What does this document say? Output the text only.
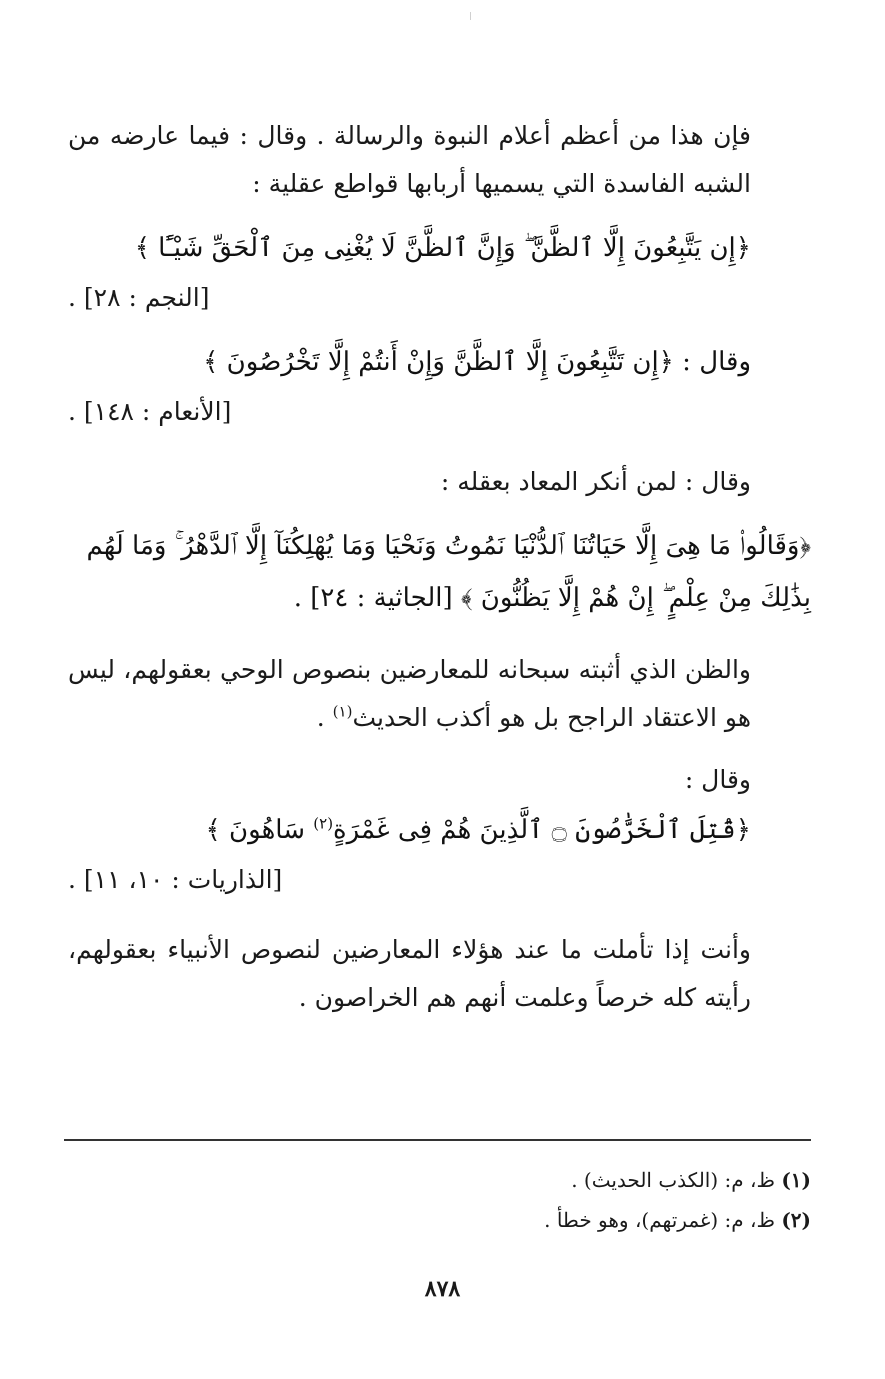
فإن هذا من أعظم أعلام النبوة والرسالة . وقال : فيما عارضه من الشبه الفاسدة التي يسميها أربابها قواطع عقلية :

﴿إِن يَتَّبِعُونَ إِلَّا ٱلظَّنَّ ۖ وَإِنَّ ٱلظَّنَّ لَا يُغْنِى مِنَ ٱلْحَقِّ شَيْـًٔا ﴾

[النجم : ٢٨] .

وقال : ﴿إِن تَتَّبِعُونَ إِلَّا ٱلظَّنَّ وَإِنْ أَنتُمْ إِلَّا تَخْرُصُونَ ﴾

[الأنعام : ١٤٨] .

وقال : لمن أنكر المعاد بعقله :

﴿وَقَالُوا۟ مَا هِىَ إِلَّا حَيَاتُنَا ٱلدُّنْيَا نَمُوتُ وَنَحْيَا وَمَا يُهْلِكُنَآ إِلَّا ٱلدَّهْرُ ۚ وَمَا لَهُم بِذَٰلِكَ مِنْ عِلْمٍ ۖ إِنْ هُمْ إِلَّا يَظُنُّونَ ﴾ [الجاثية : ٢٤] .

والظن الذي أثبته سبحانه للمعارضين بنصوص الوحي بعقولهم، ليس هو الاعتقاد الراجح بل هو أكذب الحديث$^{(١)}$ .

وقال :

﴿قُتِلَ ٱلْخَرَّٰصُونَ ۝ ٱلَّذِينَ هُمْ فِى غَمْرَةٍ$^{(٢)}$ سَاهُونَ ﴾

[الذاريات : ١٠، ١١] .

وأنت إذا تأملت ما عند هؤلاء المعارضين لنصوص الأنبياء بعقولهم، رأيته كله خرصاً وعلمت أنهم هم الخراصون .

(١) ظ، م: (الكذب الحديث) .

(٢) ظ، م: (غمرتهم)، وهو خطأ .

٨٧٨
